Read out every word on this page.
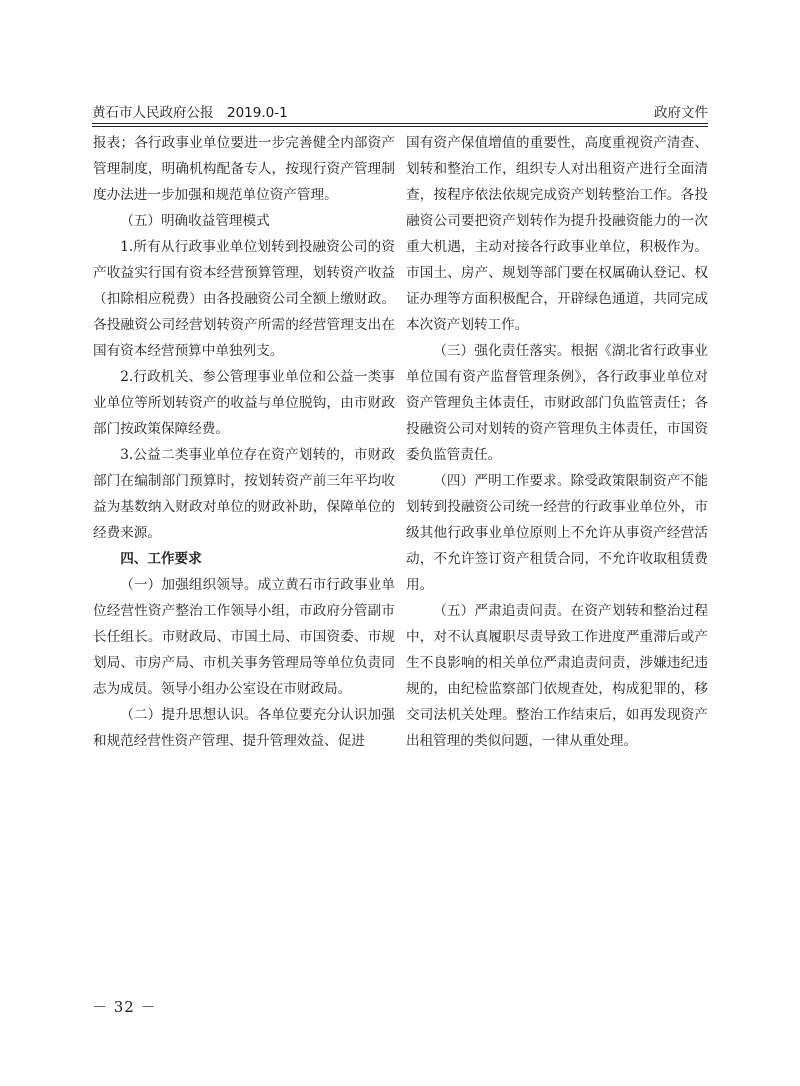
黄石市人民政府公报　2019.0-1	政府文件

报表；各行政事业单位要进一步完善健全内部资产管理制度，明确机构配备专人，按现行资产管理制度办法进一步加强和规范单位资产管理。

（五）明确收益管理模式

1.所有从行政事业单位划转到投融资公司的资产收益实行国有资本经营预算管理，划转资产收益（扣除相应税费）由各投融资公司全额上缴财政。各投融资公司经营划转资产所需的经营管理支出在国有资本经营预算中单独列支。

2.行政机关、参公管理事业单位和公益一类事业单位等所划转资产的收益与单位脱钩，由市财政部门按政策保障经费。

3.公益二类事业单位存在资产划转的，市财政部门在编制部门预算时，按划转资产前三年平均收益为基数纳入财政对单位的财政补助，保障单位的经费来源。

四、工作要求

（一）加强组织领导。成立黄石市行政事业单位经营性资产整治工作领导小组，市政府分管副市长任组长。市财政局、市国土局、市国资委、市规划局、市房产局、市机关事务管理局等单位负责同志为成员。领导小组办公室设在市财政局。

（二）提升思想认识。各单位要充分认识加强和规范经营性资产管理、提升管理效益、促进

国有资产保值增值的重要性，高度重视资产清查、划转和整治工作，组织专人对出租资产进行全面清查，按程序依法依规完成资产划转整治工作。各投融资公司要把资产划转作为提升投融资能力的一次重大机遇，主动对接各行政事业单位，积极作为。市国土、房产、规划等部门要在权属确认登记、权证办理等方面积极配合，开辟绿色通道，共同完成本次资产划转工作。

（三）强化责任落实。根据《湖北省行政事业单位国有资产监督管理条例》，各行政事业单位对资产管理负主体责任，市财政部门负监管责任；各投融资公司对划转的资产管理负主体责任，市国资委负监管责任。

（四）严明工作要求。除受政策限制资产不能划转到投融资公司统一经营的行政事业单位外，市级其他行政事业单位原则上不允许从事资产经营活动，不允许签订资产租赁合同，不允许收取租赁费用。

（五）严肃追责问责。在资产划转和整治过程中，对不认真履职尽责导致工作进度严重滞后或产生不良影响的相关单位严肃追责问责，涉嫌违纪违规的，由纪检监察部门依规查处，构成犯罪的，移交司法机关处理。整治工作结束后，如再发现资产出租管理的类似问题，一律从重处理。

－ 32 －
